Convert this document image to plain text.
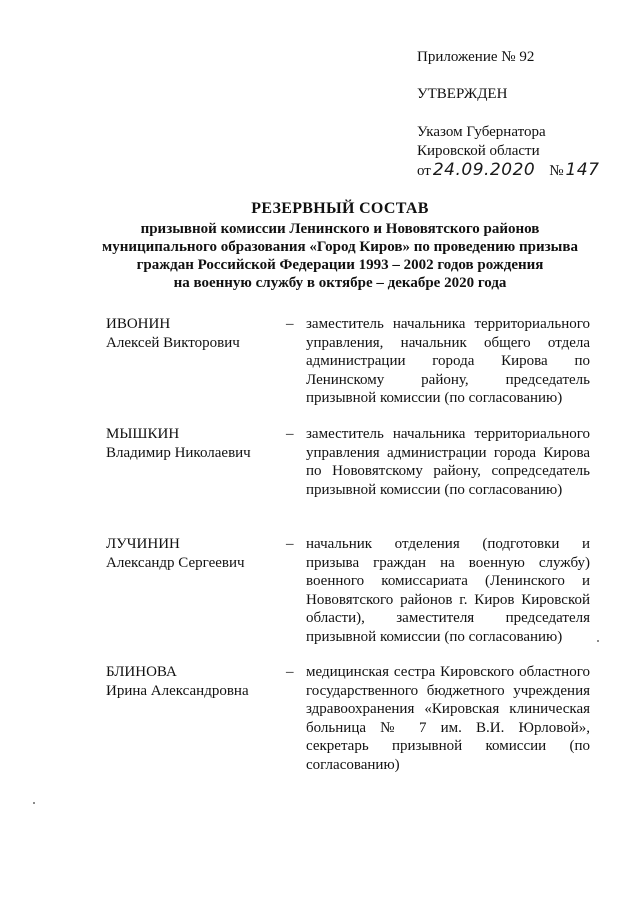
Приложение № 92
УТВЕРЖДЕН
Указом Губернатора
Кировской области
от 24.09.2020 № 147
РЕЗЕРВНЫЙ СОСТАВ
призывной комиссии Ленинского и Нововятского районов
муниципального образования «Город Киров» по проведению призыва
граждан Российской Федерации 1993 – 2002 годов рождения
на военную службу в октябре – декабре 2020 года
ИВОНИН
Алексей Викторович
– заместитель начальника территориального управления, начальник общего отдела администрации города Кирова по Ленинскому району, председатель призывной комиссии (по согласованию)
МЫШКИН
Владимир Николаевич
– заместитель начальника территориального управления администрации города Кирова по Нововятскому району, сопредседатель призывной комиссии (по согласованию)
ЛУЧИНИН
Александр Сергеевич
– начальник отделения (подготовки и призыва граждан на военную службу) военного комиссариата (Ленинского и Нововятского районов г. Киров Кировской области), заместителя председателя призывной комиссии (по согласованию)
БЛИНОВА
Ирина Александровна
– медицинская сестра Кировского областного государственного бюджетного учреждения здравоохранения «Кировская клиническая больница № 7 им. В.И. Юрловой», секретарь призывной комиссии (по согласованию)
